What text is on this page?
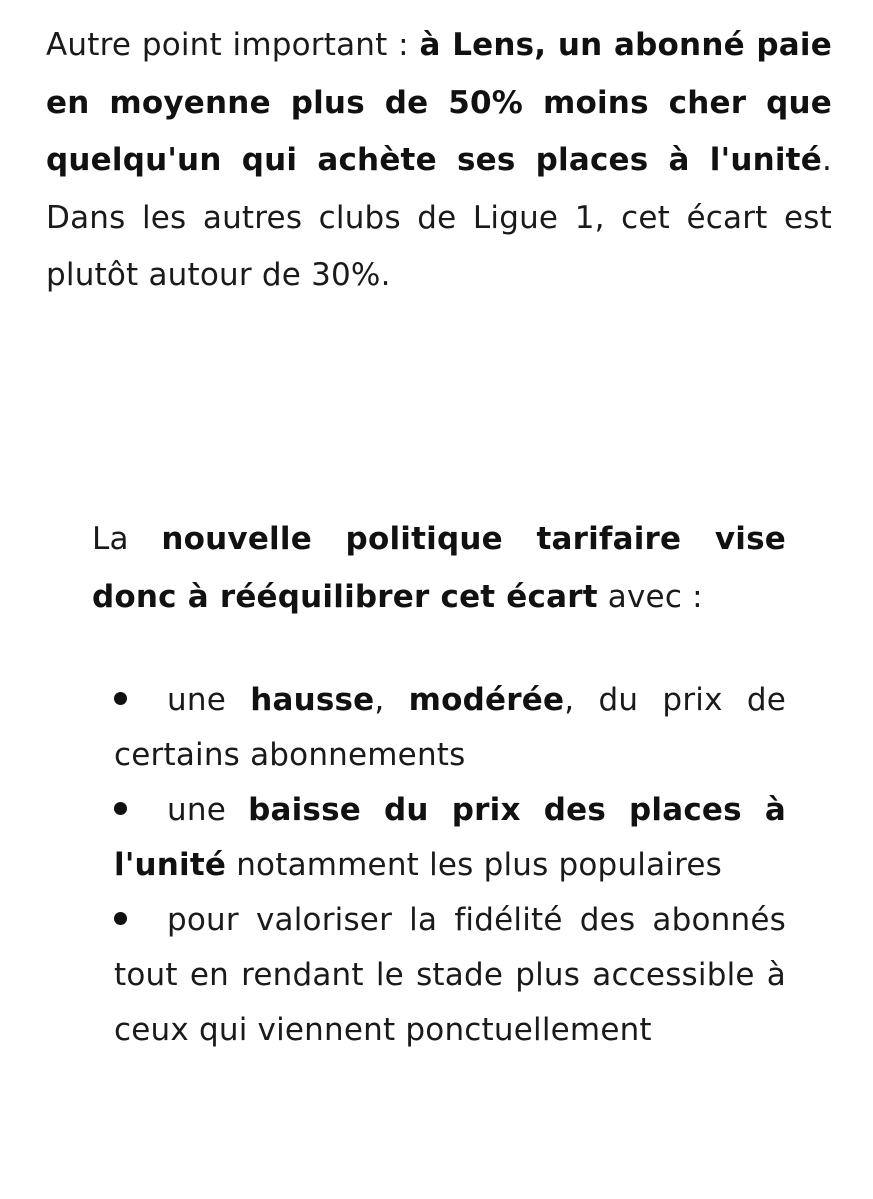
Autre point important : à Lens, un abonné paie en moyenne plus de 50% moins cher que quelqu'un qui achète ses places à l'unité. Dans les autres clubs de Ligue 1, cet écart est plutôt autour de 30%.

La nouvelle politique tarifaire vise donc à rééquilibrer cet écart avec :

une hausse, modérée, du prix de certains abonnements
une baisse du prix des places à l'unité notamment les plus populaires
pour valoriser la fidélité des abonnés tout en rendant le stade plus accessible à ceux qui viennent ponctuellement
